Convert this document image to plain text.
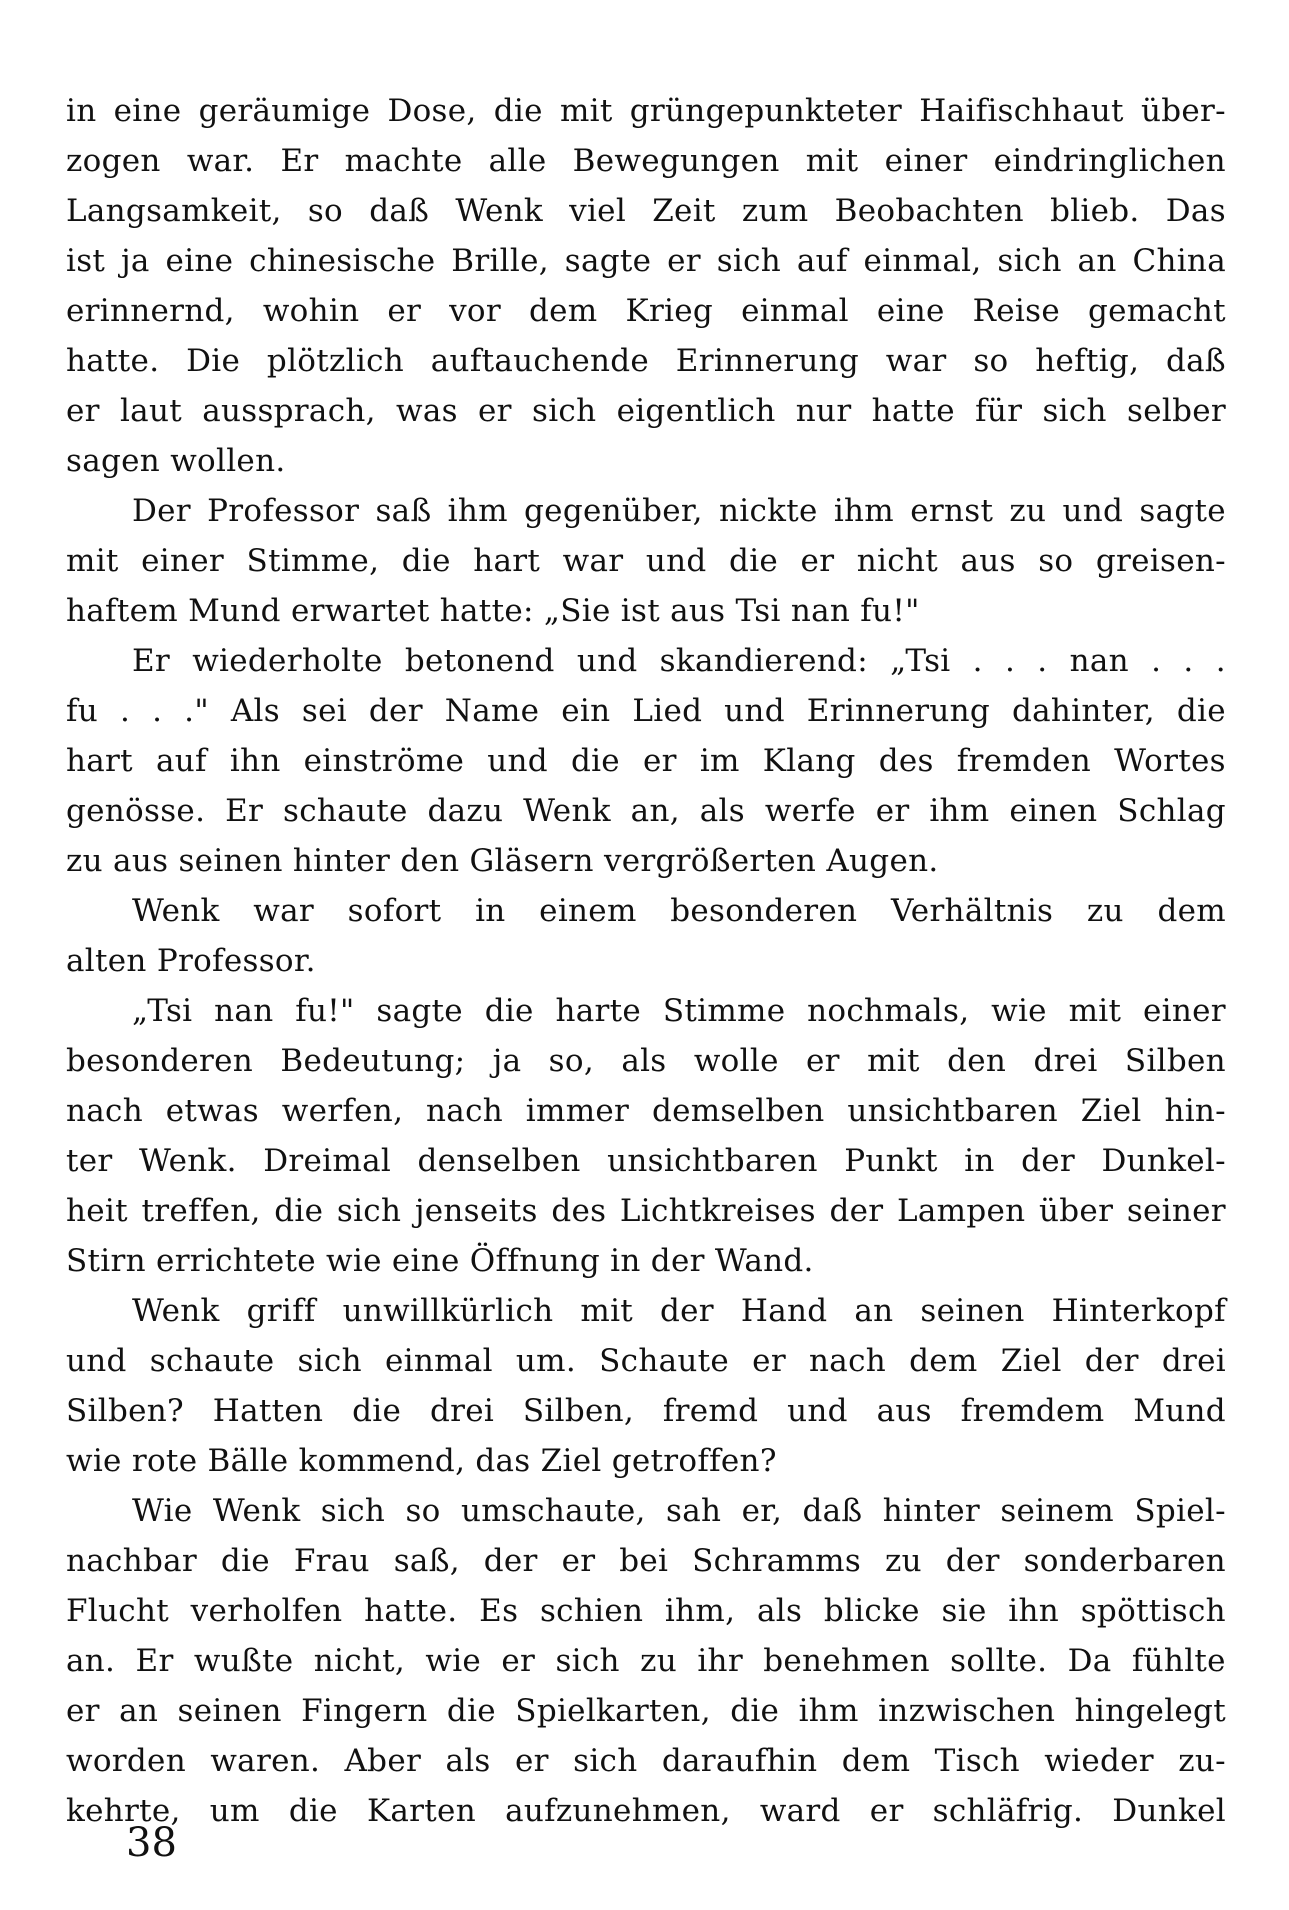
in eine geräumige Dose, die mit grüngepunkteter Haifischhaut über-
zogen war. Er machte alle Bewegungen mit einer eindringlichen
Langsamkeit, so daß Wenk viel Zeit zum Beobachten blieb. Das
ist ja eine chinesische Brille, sagte er sich auf einmal, sich an China
erinnernd, wohin er vor dem Krieg einmal eine Reise gemacht
hatte. Die plötzlich auftauchende Erinnerung war so heftig, daß
er laut aussprach, was er sich eigentlich nur hatte für sich selber
sagen wollen.
Der Professor saß ihm gegenüber, nickte ihm ernst zu und sagte
mit einer Stimme, die hart war und die er nicht aus so greisen-
haftem Mund erwartet hatte: „Sie ist aus Tsi nan fu!"
Er wiederholte betonend und skandierend: „Tsi . . . nan . . .
fu . . ." Als sei der Name ein Lied und Erinnerung dahinter, die
hart auf ihn einströme und die er im Klang des fremden Wortes
genösse. Er schaute dazu Wenk an, als werfe er ihm einen Schlag
zu aus seinen hinter den Gläsern vergrößerten Augen.
Wenk war sofort in einem besonderen Verhältnis zu dem
alten Professor.
„Tsi nan fu!" sagte die harte Stimme nochmals, wie mit einer
besonderen Bedeutung; ja so, als wolle er mit den drei Silben
nach etwas werfen, nach immer demselben unsichtbaren Ziel hin-
ter Wenk. Dreimal denselben unsichtbaren Punkt in der Dunkel-
heit treffen, die sich jenseits des Lichtkreises der Lampen über seiner
Stirn errichtete wie eine Öffnung in der Wand.
Wenk griff unwillkürlich mit der Hand an seinen Hinterkopf
und schaute sich einmal um. Schaute er nach dem Ziel der drei
Silben? Hatten die drei Silben, fremd und aus fremdem Mund
wie rote Bälle kommend, das Ziel getroffen?
Wie Wenk sich so umschaute, sah er, daß hinter seinem Spiel-
nachbar die Frau saß, der er bei Schramms zu der sonderbaren
Flucht verholfen hatte. Es schien ihm, als blicke sie ihn spöttisch
an. Er wußte nicht, wie er sich zu ihr benehmen sollte. Da fühlte
er an seinen Fingern die Spielkarten, die ihm inzwischen hingelegt
worden waren. Aber als er sich daraufhin dem Tisch wieder zu-
kehrte, um die Karten aufzunehmen, ward er schläfrig. Dunkel
38
